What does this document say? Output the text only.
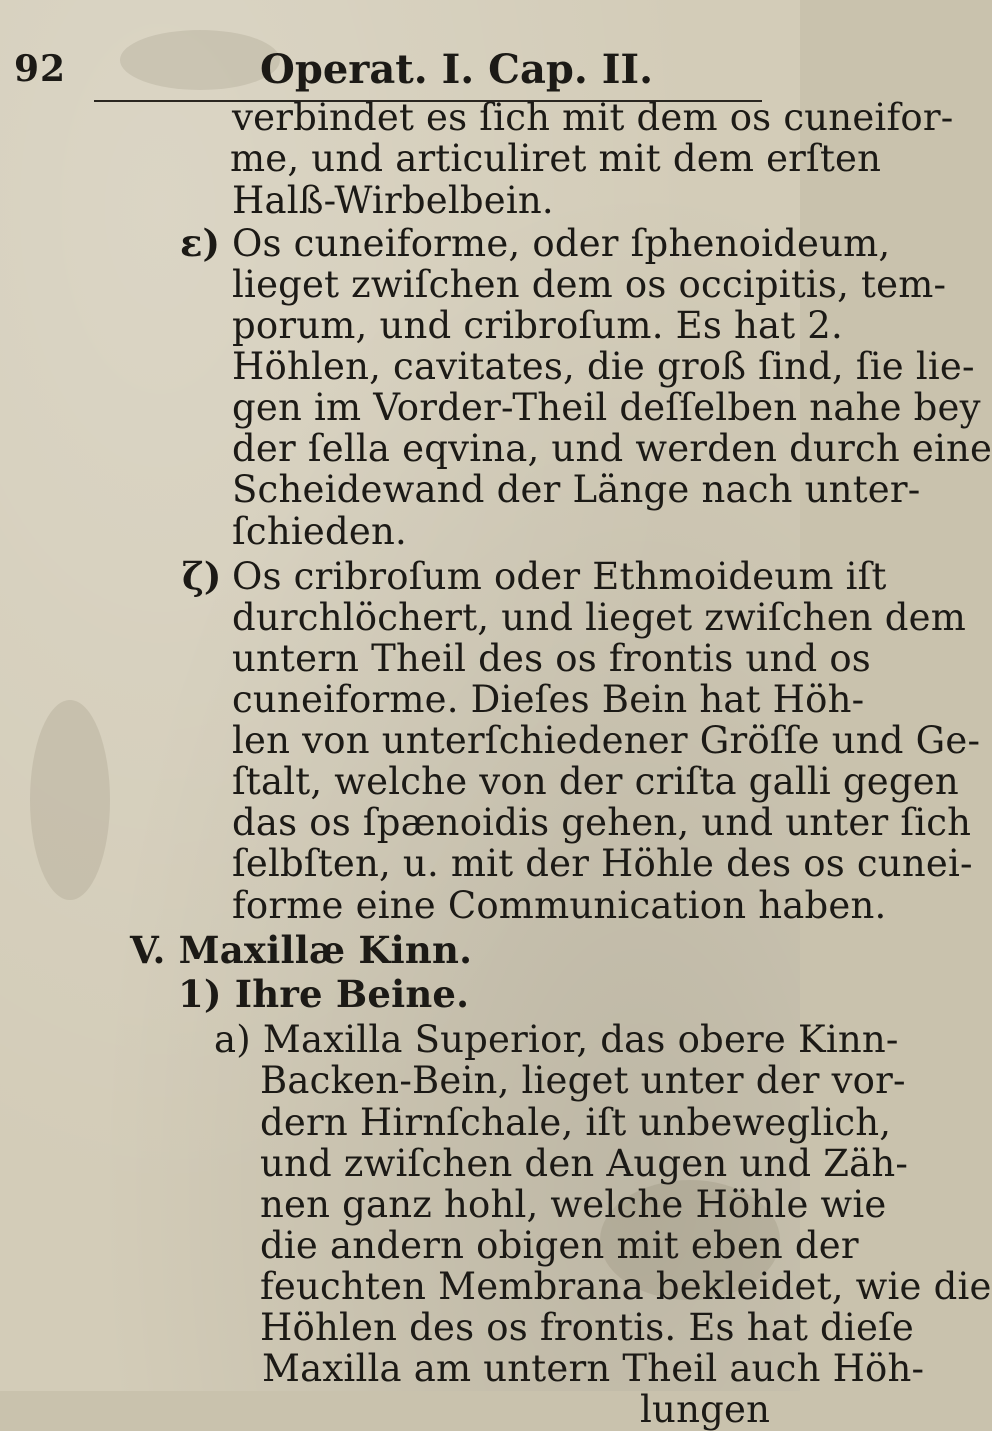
92	Operat. I. Cap. II.
verbindet es ſich mit dem os cuneifor-
me, und articuliret mit dem erſten
Halß-Wirbelbein.
ε) Os cuneiforme, oder ſphenoideum,
lieget zwiſchen dem os occipitis, tem-
porum, und cribroſum. Es hat 2.
Höhlen, cavitates, die groß ſind, ſie lie-
gen im Vorder-Theil deſſelben nahe bey
der ſella eqvina, und werden durch eine
Scheidewand der Länge nach unter-
ſchieden.
ζ) Os cribroſum oder Ethmoideum iſt
durchlöchert, und lieget zwiſchen dem
untern Theil des os frontis und os
cuneiforme. Dieſes Bein hat Höh-
len von unterſchiedener Gröſſe und Ge-
ſtalt, welche von der criſta galli gegen
das os ſpænoidis gehen, und unter ſich
ſelbſten, u. mit der Höhle des os cunei-
forme eine Communication haben.
V. Maxillæ Kinn.
1) Ihre Beine.
a) Maxilla Superior, das obere Kinn-
Backen-Bein, lieget unter der vor-
dern Hirnſchale, iſt unbeweglich,
und zwiſchen den Augen und Zäh-
nen ganz hohl, welche Höhle wie
die andern obigen mit eben der
feuchten Membrana bekleidet, wie die
Höhlen des os frontis. Es hat dieſe
Maxilla am untern Theil auch Höh-
lungen
